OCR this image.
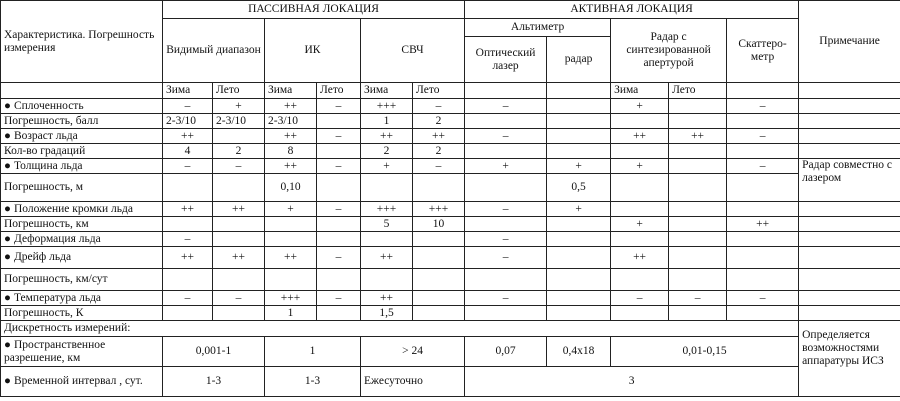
Характеристика. Погрешность измерения	ПАССИВНАЯ ЛОКАЦИЯ						АКТИВНАЯ ЛОКАЦИЯ					Примечание
	Видимый диапазон		ИК		СВЧ		Альтиметр		Радар с синтезированной апертурой		Скаттеро-метр	
							Оптический лазер	радар				
	Зима	Лето	Зима	Лето	Зима	Лето			Зима	Лето		
● Сплоченность	–	+	++	–	+++	–	–		+		–	
Погрешность, балл	2-3/10	2-3/10	2-3/10		1	2						
● Возраст льда	++		++	–	++	++	–		++	++	–	
Кол-во градаций	4	2	8		2	2						
● Толщина льда	–	–	++	–	+	–	+	+	+		–	Радар совместно с лазером
Погрешность, м			0,10					0,5				
● Положение кромки льда	++	++	+	–	+++	+++	–	+				
Погрешность, км					5	10			+		++	
● Деформация льда	–						–					
● Дрейф льда	++	++	++	–	++		–		++			
Погрешность, км/сут												
● Температура льда	–	–	+++	–	++		–		–	–	–	
Погрешность, К			1		1,5							
Дискретность измерений:												Определяется возможностями аппаратуры ИСЗ
● Пространственное разрешение, км	0,001-1		1		> 24		0,07	0,4x18	0,01-0,15			
● Временной интервал , сут.	1-3		1-3		Ежесуточно		3					
